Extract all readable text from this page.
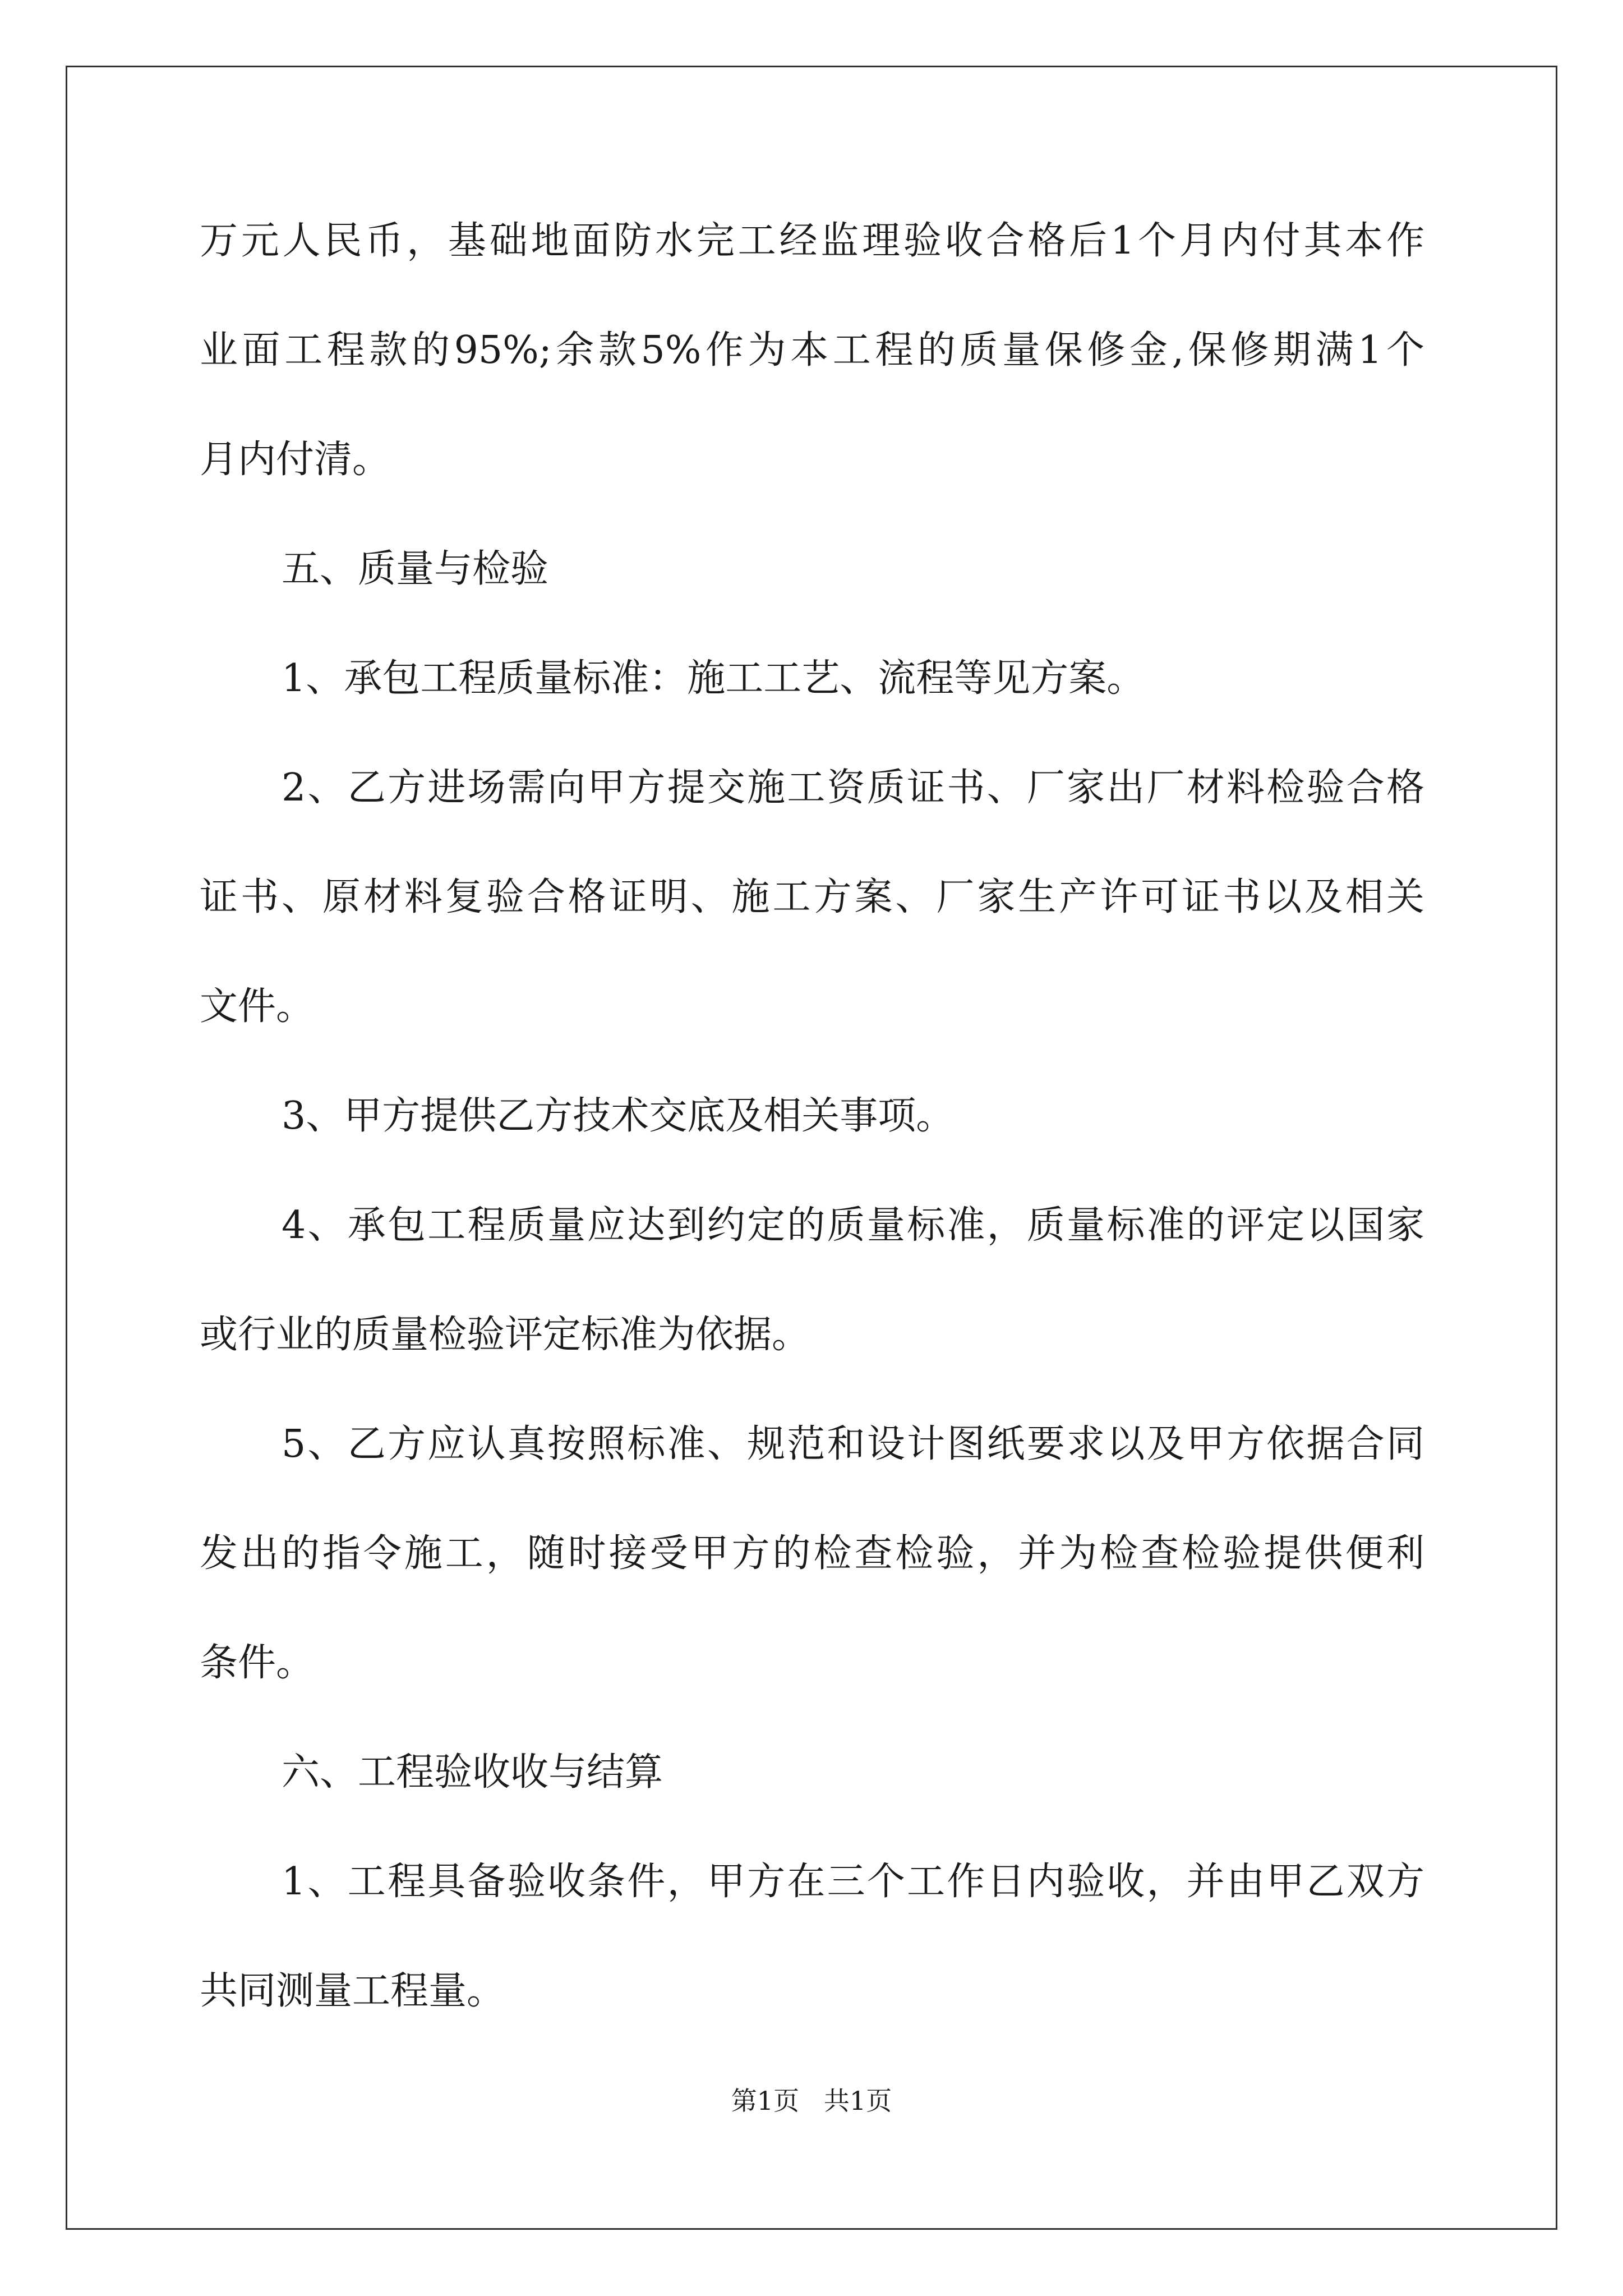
万元人民币，基础地面防水完工经监理验收合格后1个月内付其本作
业面工程款的95%;余款5%作为本工程的质量保修金,保修期满1个
月内付清。
五、质量与检验
1、承包工程质量标准：施工工艺、流程等见方案。
2、乙方进场需向甲方提交施工资质证书、厂家出厂材料检验合格
证书、原材料复验合格证明、施工方案、厂家生产许可证书以及相关
文件。
3、甲方提供乙方技术交底及相关事项。
4、承包工程质量应达到约定的质量标准，质量标准的评定以国家
或行业的质量检验评定标准为依据。
5、乙方应认真按照标准、规范和设计图纸要求以及甲方依据合同
发出的指令施工，随时接受甲方的检查检验，并为检查检验提供便利
条件。
六、工程验收收与结算
1、工程具备验收条件，甲方在三个工作日内验收，并由甲乙双方
共同测量工程量。
第1页   共1页
